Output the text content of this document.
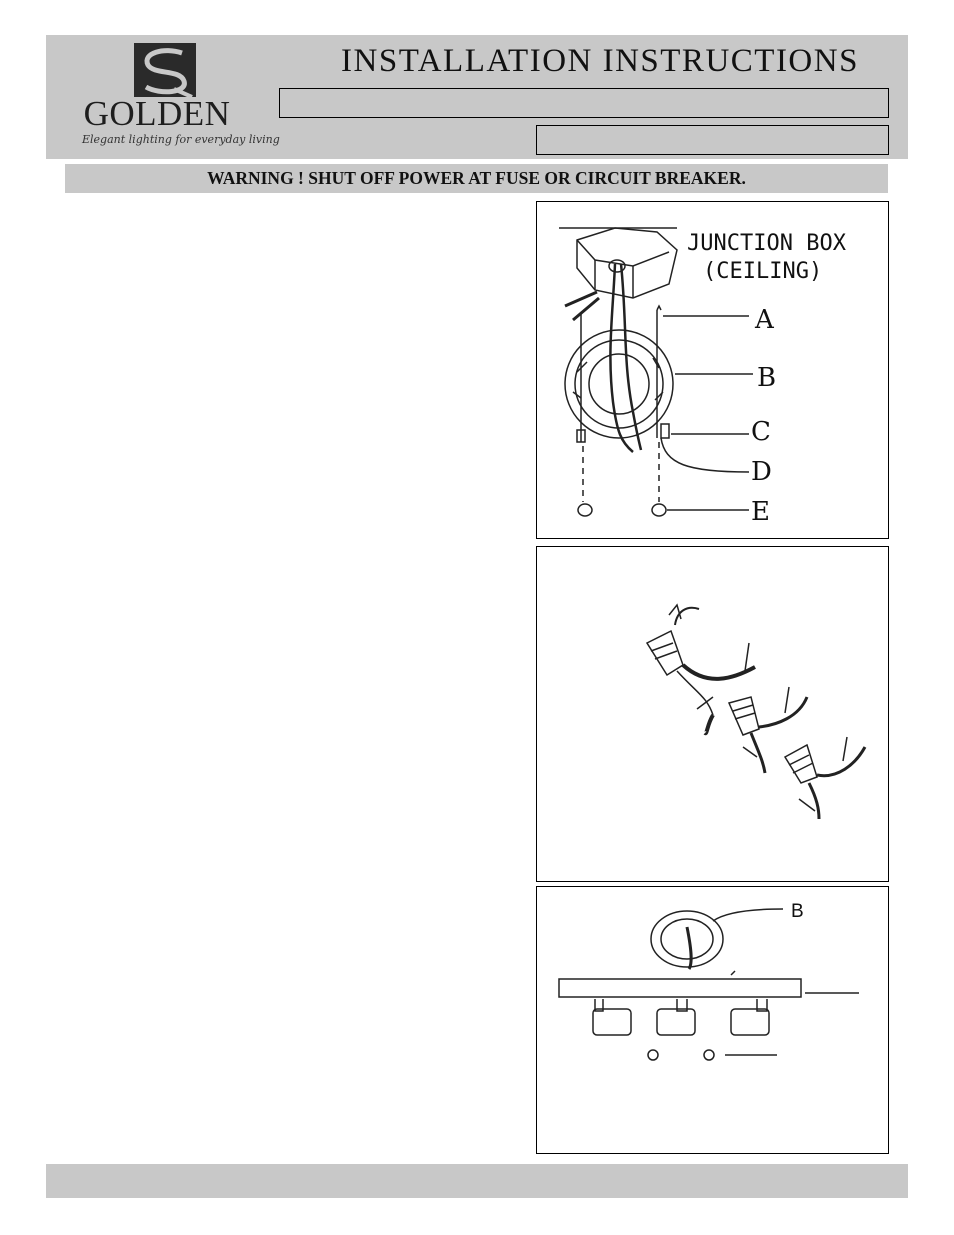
GOLDEN
Elegant lighting for everyday living
INSTALLATION INSTRUCTIONS
WARNING ! SHUT OFF POWER AT FUSE OR CIRCUIT BREAKER.
JUNCTION BOX
(CEILING)
A
B
C
D
E
B
